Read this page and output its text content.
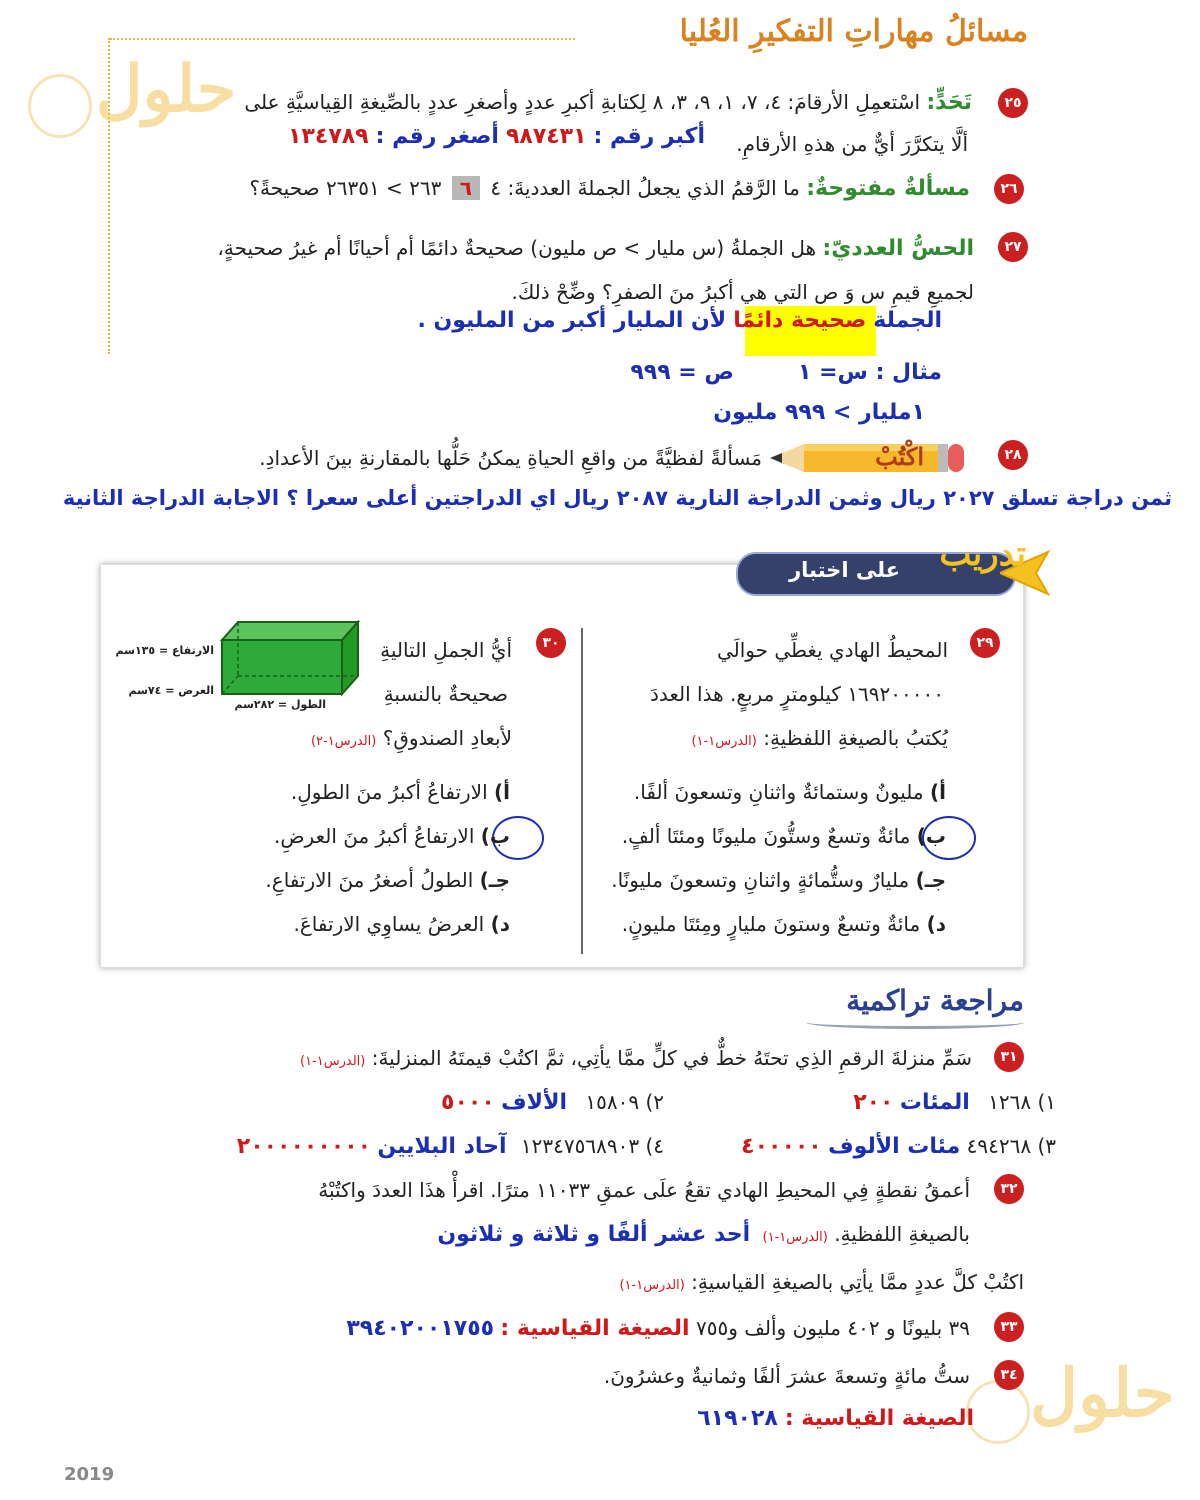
مسائلُ مهاراتِ التفكيرِ العُليا
حلول
حلول
٢٥
تَحَدٍّ: اسْتعمِلِ الأرقامَ: ٤، ٧، ١، ٩، ٣، ٨ لِكتابةِ أكبرِ عددٍ وأصغرِ عددٍ بالصِّيغةِ القِياسيَّةِ على
ألَّا يتكرَّرَ أيٌّ من هذهِ الأرقامِ.
أكبر رقم : ٩٨٧٤٣١ أصغر رقم : ١٣٤٧٨٩
٢٦
مسألةٌ مفتوحةٌ: ما الرَّقمُ الذي يجعلُ الجملةَ العدديةَ: ٤ ٦ ٢٦٣ > ٢٦٣٥١ صحيحةً؟
٢٧
الحسُّ العدديّ: هل الجملةُ (س مليار > ص مليون) صحيحةٌ دائمًا أم أحيانًا أم غيرُ صحيحةٍ،
لجميعِ قيمِ س وَ ص التي هي أكبرُ منَ الصفرِ؟ وضِّحْ ذلكَ.
الجملة صحيحة دائمًا لأن المليار أكبر من المليون .
مثال : س= ١
ص = ٩٩٩
١مليار > ٩٩٩ مليون
٢٨
اكْتُبْ
مَسألةً لفظيَّةً من واقعِ الحياةِ يمكنُ حَلُّها بالمقارنةِ بينَ الأعدادِ.
ثمن دراجة تسلق ٢٠٢٧ ريال وثمن الدراجة النارية ٢٠٨٧ ريال اي الدراجتين أعلى سعرا ؟ الاجابة الدراجة الثانية
تدريب
على اختبار
٢٩
المحيطُ الهادي يغطِّي حوالَي
١٦٩٢٠٠٠٠٠ كيلومترٍ مربعٍ. هذا العددَ
يُكتبُ بالصيغةِ اللفظيةِ: (الدرس١-١)
أ) مليونٌ وستمائةٌ واثنانِ وتسعونَ ألفًا.
ب) مائةٌ وتسعٌ وستُّونَ مليونًا ومئتَا ألفٍ.
جـ) مليارٌ وستُّمائةٍ واثنانِ وتسعونَ مليونًا.
د) مائةٌ وتسعٌ وستونَ مليارٍ ومِئتَا مليونٍ.
٣٠
أيُّ الجملِ التاليةِ
صحيحةٌ بالنسبةِ
لأبعادِ الصندوقِ؟ (الدرس١-٢)
الارتفاع = ١٣٥سم
العرض = ٧٤سم
الطول = ٢٨٢سم
أ) الارتفاعُ أكبرُ منَ الطولِ.
ب) الارتفاعُ أكبرُ منَ العرضِ.
جـ) الطولُ أصغرُ منَ الارتفاعِ.
د) العرضُ يساوِي الارتفاعَ.
مراجعة تراكمية
٣١
سَمِّ منزلةَ الرقمِ الذِي تحتَهُ خطٌّ في كلٍّ ممَّا يأتِي، ثمَّ اكتُبْ قيمتَهُ المنزليةَ: (الدرس١-١)
١) ١٢٦٨ المئات ٢٠٠
٢) ١٥٨٠٩ الألاف ٥٠٠٠
٣) ٤٩٤٢٦٨ مئات الألوف ٤٠٠٠٠٠
٤) ١٢٣٤٧٥٦٨٩٠٣ آحاد البلايين ٢٠٠٠٠٠٠٠٠٠
٣٢
أعمقُ نقطةٍ فِي المحيطِ الهادي تقعُ علَى عمقِ ١١٠٣٣ مترًا. اقرأْ هذَا العددَ واكتُبْهُ
بالصيغةِ اللفظيةِ. (الدرس١-١) أحد عشر ألفًا و ثلاثة و ثلاثون
اكتُبْ كلَّ عددٍ ممَّا يأتِي بالصيغةِ القياسيةِ: (الدرس١-١)
٣٣
٣٩ بليونًا و ٤٠٢ مليون وألف و٧٥٥ الصيغة القياسية : ٣٩٤٠٢٠٠١٧٥٥
٣٤
ستُّ مائةٍ وتسعةَ عشرَ ألفًا وثمانيةٌ وعشرُونَ.
الصيغة القياسية : ٦١٩٠٢٨
2019
